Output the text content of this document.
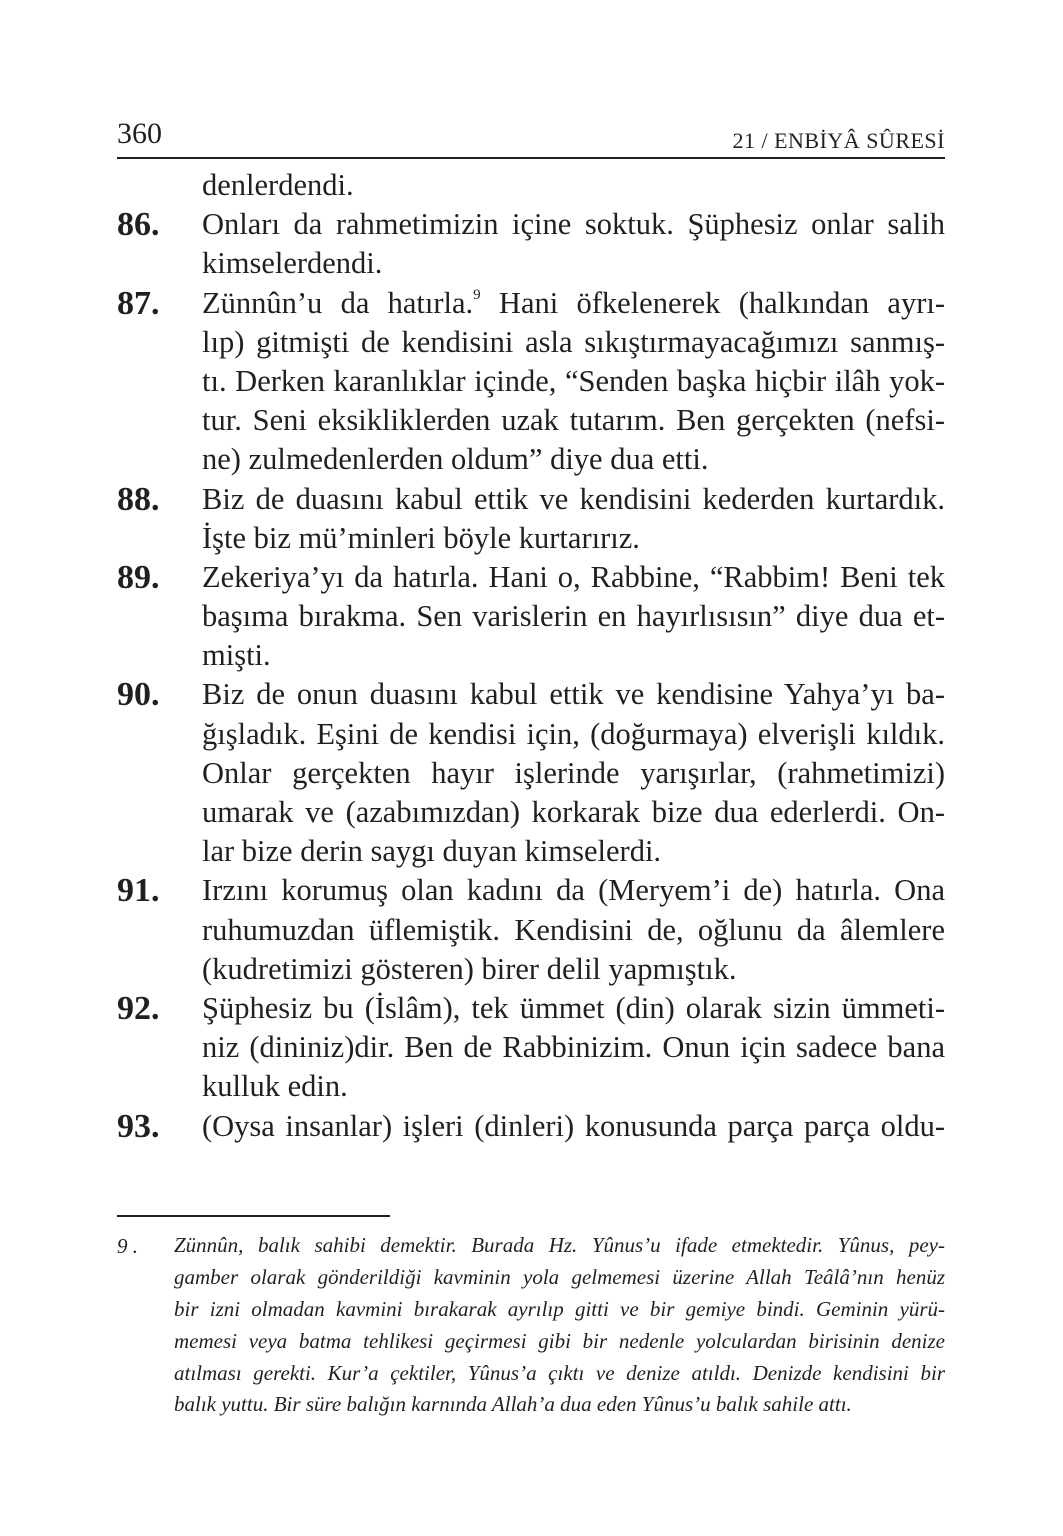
360	21 / ENBİYÂ SÛRESİ
denlerdendi.
86. Onları da rahmetimizin içine soktuk. Şüphesiz onlar salih
kimselerdendi.
87. Zünnûn’u da hatırla.$^9$ Hani öfkelenerek (halkından ayrı-
lıp) gitmişti de kendisini asla sıkıştırmayacağımızı sanmış-
tı. Derken karanlıklar içinde, “Senden başka hiçbir ilâh yok-
tur. Seni eksikliklerden uzak tutarım. Ben gerçekten (nefsi-
ne) zulmedenlerden oldum” diye dua etti.
88. Biz de duasını kabul ettik ve kendisini kederden kurtardık.
İşte biz mü’minleri böyle kurtarırız.
89. Zekeriya’yı da hatırla. Hani o, Rabbine, “Rabbim! Beni tek
başıma bırakma. Sen varislerin en hayırlısısın” diye dua et-
mişti.
90. Biz de onun duasını kabul ettik ve kendisine Yahya’yı ba-
ğışladık. Eşini de kendisi için, (doğurmaya) elverişli kıldık.
Onlar gerçekten hayır işlerinde yarışırlar, (rahmetimizi)
umarak ve (azabımızdan) korkarak bize dua ederlerdi. On-
lar bize derin saygı duyan kimselerdi.
91. Irzını korumuş olan kadını da (Meryem’i de) hatırla. Ona
ruhumuzdan üflemiştik. Kendisini de, oğlunu da âlemlere
(kudretimizi gösteren) birer delil yapmıştık.
92. Şüphesiz bu (İslâm), tek ümmet (din) olarak sizin ümmeti-
niz (dininiz)dir. Ben de Rabbinizim. Onun için sadece bana
kulluk edin.
93. (Oysa insanlar) işleri (dinleri) konusunda parça parça oldu-
9 . Zünnûn, balık sahibi demektir. Burada Hz. Yûnus’u ifade etmektedir. Yûnus, pey-
gamber olarak gönderildiği kavminin yola gelmemesi üzerine Allah Teâlâ’nın henüz
bir izni olmadan kavmini bırakarak ayrılıp gitti ve bir gemiye bindi. Geminin yürü-
memesi veya batma tehlikesi geçirmesi gibi bir nedenle yolculardan birisinin denize
atılması gerekti. Kur’a çektiler, Yûnus’a çıktı ve denize atıldı. Denizde kendisini bir
balık yuttu. Bir süre balığın karnında Allah’a dua eden Yûnus’u balık sahile attı.
